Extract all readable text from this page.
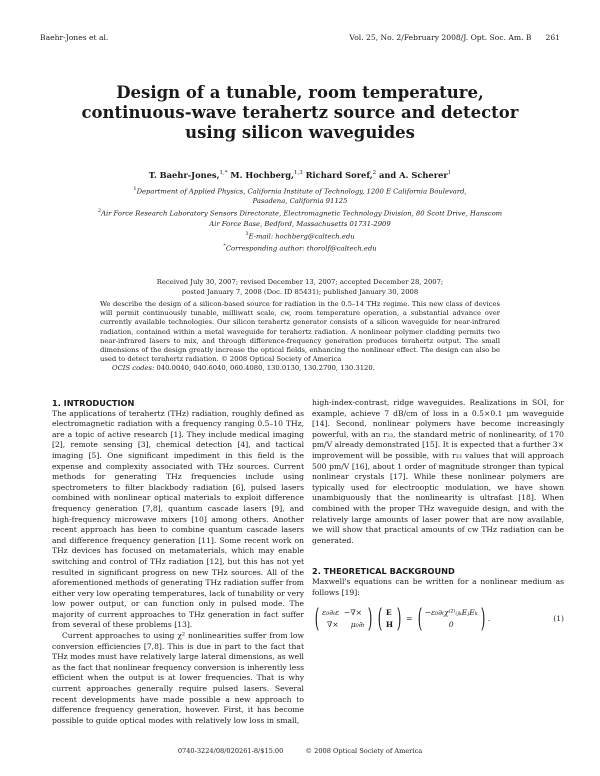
Baehr-Jones et al.	Vol. 25, No. 2/February 2008/J. Opt. Soc. Am. B 261
Design of a tunable, room temperature,
continuous-wave terahertz source and detector
using silicon waveguides
T. Baehr-Jones,$^{1,*}$ M. Hochberg,$^{1,3}$ Richard Soref,$^2$ and A. Scherer$^1$

$^1$Department of Applied Physics, California Institute of Technology, 1200 E California Boulevard,

Pasadena, California 91125

$^2$Air Force Research Laboratory Sensors Directorate, Electromagnetic Technology Division, 80 Scott Drive, Hanscom

Air Force Base, Bedford, Massachusetts 01731-2909

$^3$E-mail: hochberg@caltech.edu

*Corresponding author: thorolf@caltech.edu

Received July 30, 2007; revised December 13, 2007; accepted December 28, 2007;

posted January 7, 2008 (Doc. ID 85431); published January 30, 2008

We describe the design of a silicon-based source for radiation in the 0.5–14 THz regime. This new class of devices will permit continuously tunable, milliwatt scale, cw, room temperature operation, a substantial advance over currently available technologies. Our silicon terahertz generator consists of a silicon waveguide for near-infrared radiation, contained within a metal waveguide for terahertz radiation. A nonlinear polymer cladding permits two near-infrared lasers to mix, and through difference-frequency generation produces terahertz output. The small dimensions of the design greatly increase the optical fields, enhancing the nonlinear effect. The design can also be used to detect terahertz radiation. © 2008 Optical Society of America

OCIS codes: 040.0040, 040.6040, 060.4080, 130.0130, 130.2790, 130.3120.

1. INTRODUCTION

The applications of terahertz (THz) radiation, roughly defined as electromagnetic radiation with a frequency ranging 0.5–10 THz, are a topic of active research [1]. They include medical imaging [2], remote sensing [3], chemical detection [4], and tactical imaging [5]. One significant impediment in this field is the expense and complexity associated with THz sources. Current methods for generating THz frequencies include using spectrometers to filter blackbody radiation [6], pulsed lasers combined with nonlinear optical materials to exploit difference frequency generation [7,8], quantum cascade lasers [9], and high-frequency microwave mixers [10] among others. Another recent approach has been to combine quantum cascade lasers and difference frequency generation [11]. Some recent work on THz devices has focused on metamaterials, which may enable switching and control of THz radiation [12], but this has not yet resulted in significant progress on new THz sources. All of the aforementioned methods of generating THz radiation suffer from either very low operating temperatures, lack of tunability or very low power output, or can function only in pulsed mode. The majority of current approaches to THz generation in fact suffer from several of these problems [13].

Current approaches to using χ² nonlinearities suffer from low conversion efficiencies [7,8]. This is due in part to the fact that THz modes must have relatively large lateral dimensions, as well as the fact that nonlinear frequency conversion is inherently less efficient when the output is at lower frequencies. That is why current approaches generally require pulsed lasers. Several recent developments have made possible a new approach to difference frequency generation, however. First, it has become possible to guide optical modes with relatively low loss in small,

high-index-contrast, ridge waveguides. Realizations in SOI, for example, achieve 7 dB/cm of loss in a 0.5×0.1 μm waveguide [14]. Second, nonlinear polymers have become increasingly powerful, with an r₃₃, the standard metric of nonlinearity, of 170 pm/V already demonstrated [15]. It is expected that a further 3× improvement will be possible, with r₃₃ values that will approach 500 pm/V [16], about 1 order of magnitude stronger than typical nonlinear crystals [17]. While these nonlinear polymers are typically used for electrooptic modulation, we have shown unambiguously that the nonlinearity is ultrafast [18]. When combined with the proper THz waveguide design, and with the relatively large amounts of laser power that are now available, we will show that practical amounts of cw THz radiation can be generated.

2. THEORETICAL BACKGROUND

Maxwell's equations can be written for a nonlinear medium as follows [19]:

( ε₀∂ₜε −∇×
∇× μ₀∂ₜ ) ( E
H ) = ( −ε₀∂ₜχ⁽²⁾ᵢⱼₖEⱼEₖ
0	) .	(1)
0740-3224/08/020261-8/$15.00	© 2008 Optical Society of America
